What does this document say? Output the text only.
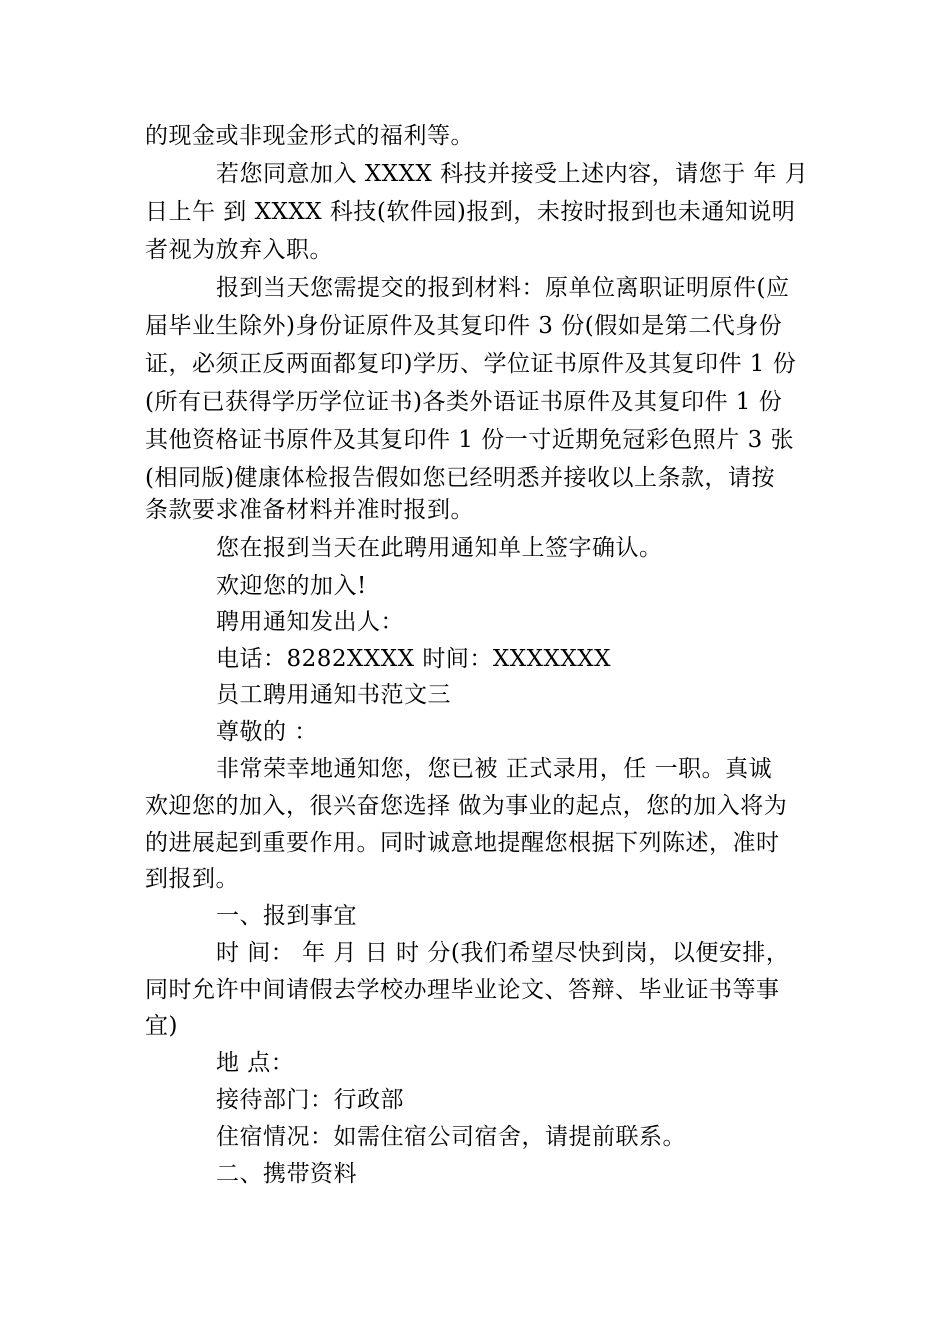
的现金或非现金形式的福利等。
若您同意加入 XXXX 科技并接受上述内容，请您于 年 月
日上午 到 XXXX 科技(软件园)报到，未按时报到也未通知说明
者视为放弃入职。
报到当天您需提交的报到材料：原单位离职证明原件(应
届毕业生除外)身份证原件及其复印件 3 份(假如是第二代身份
证，必须正反两面都复印)学历、学位证书原件及其复印件 1 份
(所有已获得学历学位证书)各类外语证书原件及其复印件 1 份
其他资格证书原件及其复印件 1 份一寸近期免冠彩色照片 3 张
(相同版)健康体检报告假如您已经明悉并接收以上条款，请按
条款要求准备材料并准时报到。
您在报到当天在此聘用通知单上签字确认。
欢迎您的加入!
聘用通知发出人：
电话：8282XXXX 时间：XXXXXXX
员工聘用通知书范文三
尊敬的 ：
非常荣幸地通知您，您已被 正式录用，任 一职。真诚
欢迎您的加入，很兴奋您选择 做为事业的起点，您的加入将为
的进展起到重要作用。同时诚意地提醒您根据下列陈述，准时
到报到。
一、报到事宜
时 间： 年 月 日 时 分(我们希望尽快到岗，以便安排，
同时允许中间请假去学校办理毕业论文、答辩、毕业证书等事
宜)
地 点：
接待部门：行政部
住宿情况：如需住宿公司宿舍，请提前联系。
二、携带资料
